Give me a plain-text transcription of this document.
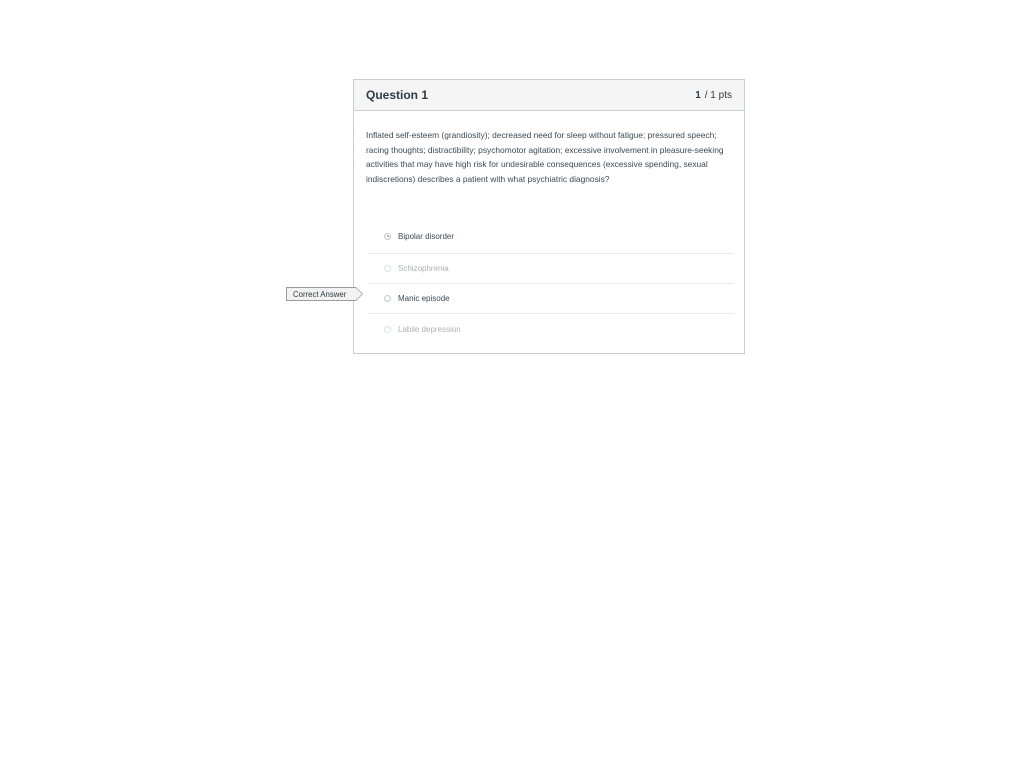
Question 1	1 / 1 pts
Inflated self-esteem (grandiosity); decreased need for sleep without fatigue; pressured speech; racing thoughts; distractibility; psychomotor agitation; excessive involvement in pleasure-seeking activities that may have high risk for undesirable consequences (excessive spending, sexual indiscretions) describes a patient with what psychiatric diagnosis?
Bipolar disorder
Schizophrenia
Manic episode
Labile depression
Correct Answer
